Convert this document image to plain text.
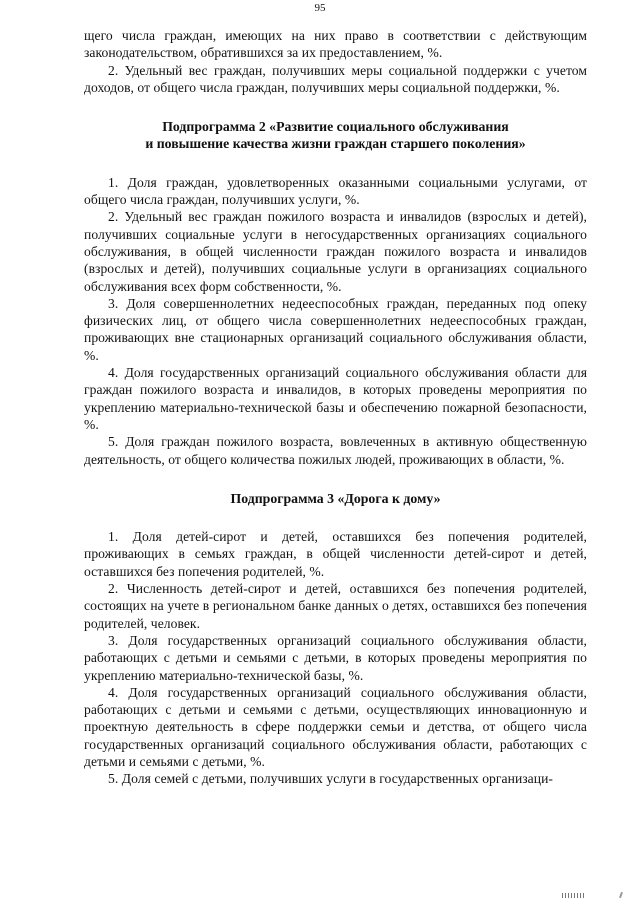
95

щего числа граждан, имеющих на них право в соответствии с действующим законодательством, обратившихся за их предоставлением, %.

2. Удельный вес граждан, получивших меры социальной поддержки с учетом доходов, от общего числа граждан, получивших меры социальной поддержки, %.

Подпрограмма 2 «Развитие социального обслуживания
и повышение качества жизни граждан старшего поколения»

1. Доля граждан, удовлетворенных оказанными социальными услугами, от общего числа граждан, получивших услуги, %.

2. Удельный вес граждан пожилого возраста и инвалидов (взрослых и детей), получивших социальные услуги в негосударственных организациях социального обслуживания, в общей численности граждан пожилого возраста и инвалидов (взрослых и детей), получивших социальные услуги в организациях социального обслуживания всех форм собственности, %.

3. Доля совершеннолетних недееспособных граждан, переданных под опеку физических лиц, от общего числа совершеннолетних недееспособных граждан, проживающих вне стационарных организаций социального обслуживания области, %.

4. Доля государственных организаций социального обслуживания области для граждан пожилого возраста и инвалидов, в которых проведены мероприятия по укреплению материально-технической базы и обеспечению пожарной безопасности, %.

5. Доля граждан пожилого возраста, вовлеченных в активную общественную деятельность, от общего количества пожилых людей, проживающих в области, %.

Подпрограмма 3 «Дорога к дому»

1. Доля детей-сирот и детей, оставшихся без попечения родителей, проживающих в семьях граждан, в общей численности детей-сирот и детей, оставшихся без попечения родителей, %.

2. Численность детей-сирот и детей, оставшихся без попечения родителей, состоящих на учете в региональном банке данных о детях, оставшихся без попечения родителей, человек.

3. Доля государственных организаций социального обслуживания области, работающих с детьми и семьями с детьми, в которых проведены мероприятия по укреплению материально-технической базы, %.

4. Доля государственных организаций социального обслуживания области, работающих с детьми и семьями с детьми, осуществляющих инновационную и проектную деятельность в сфере поддержки семьи и детства, от общего числа государственных организаций социального обслуживания области, работающих с детьми и семьями с детьми, %.

5. Доля семей с детьми, получивших услуги в государственных организаци-
